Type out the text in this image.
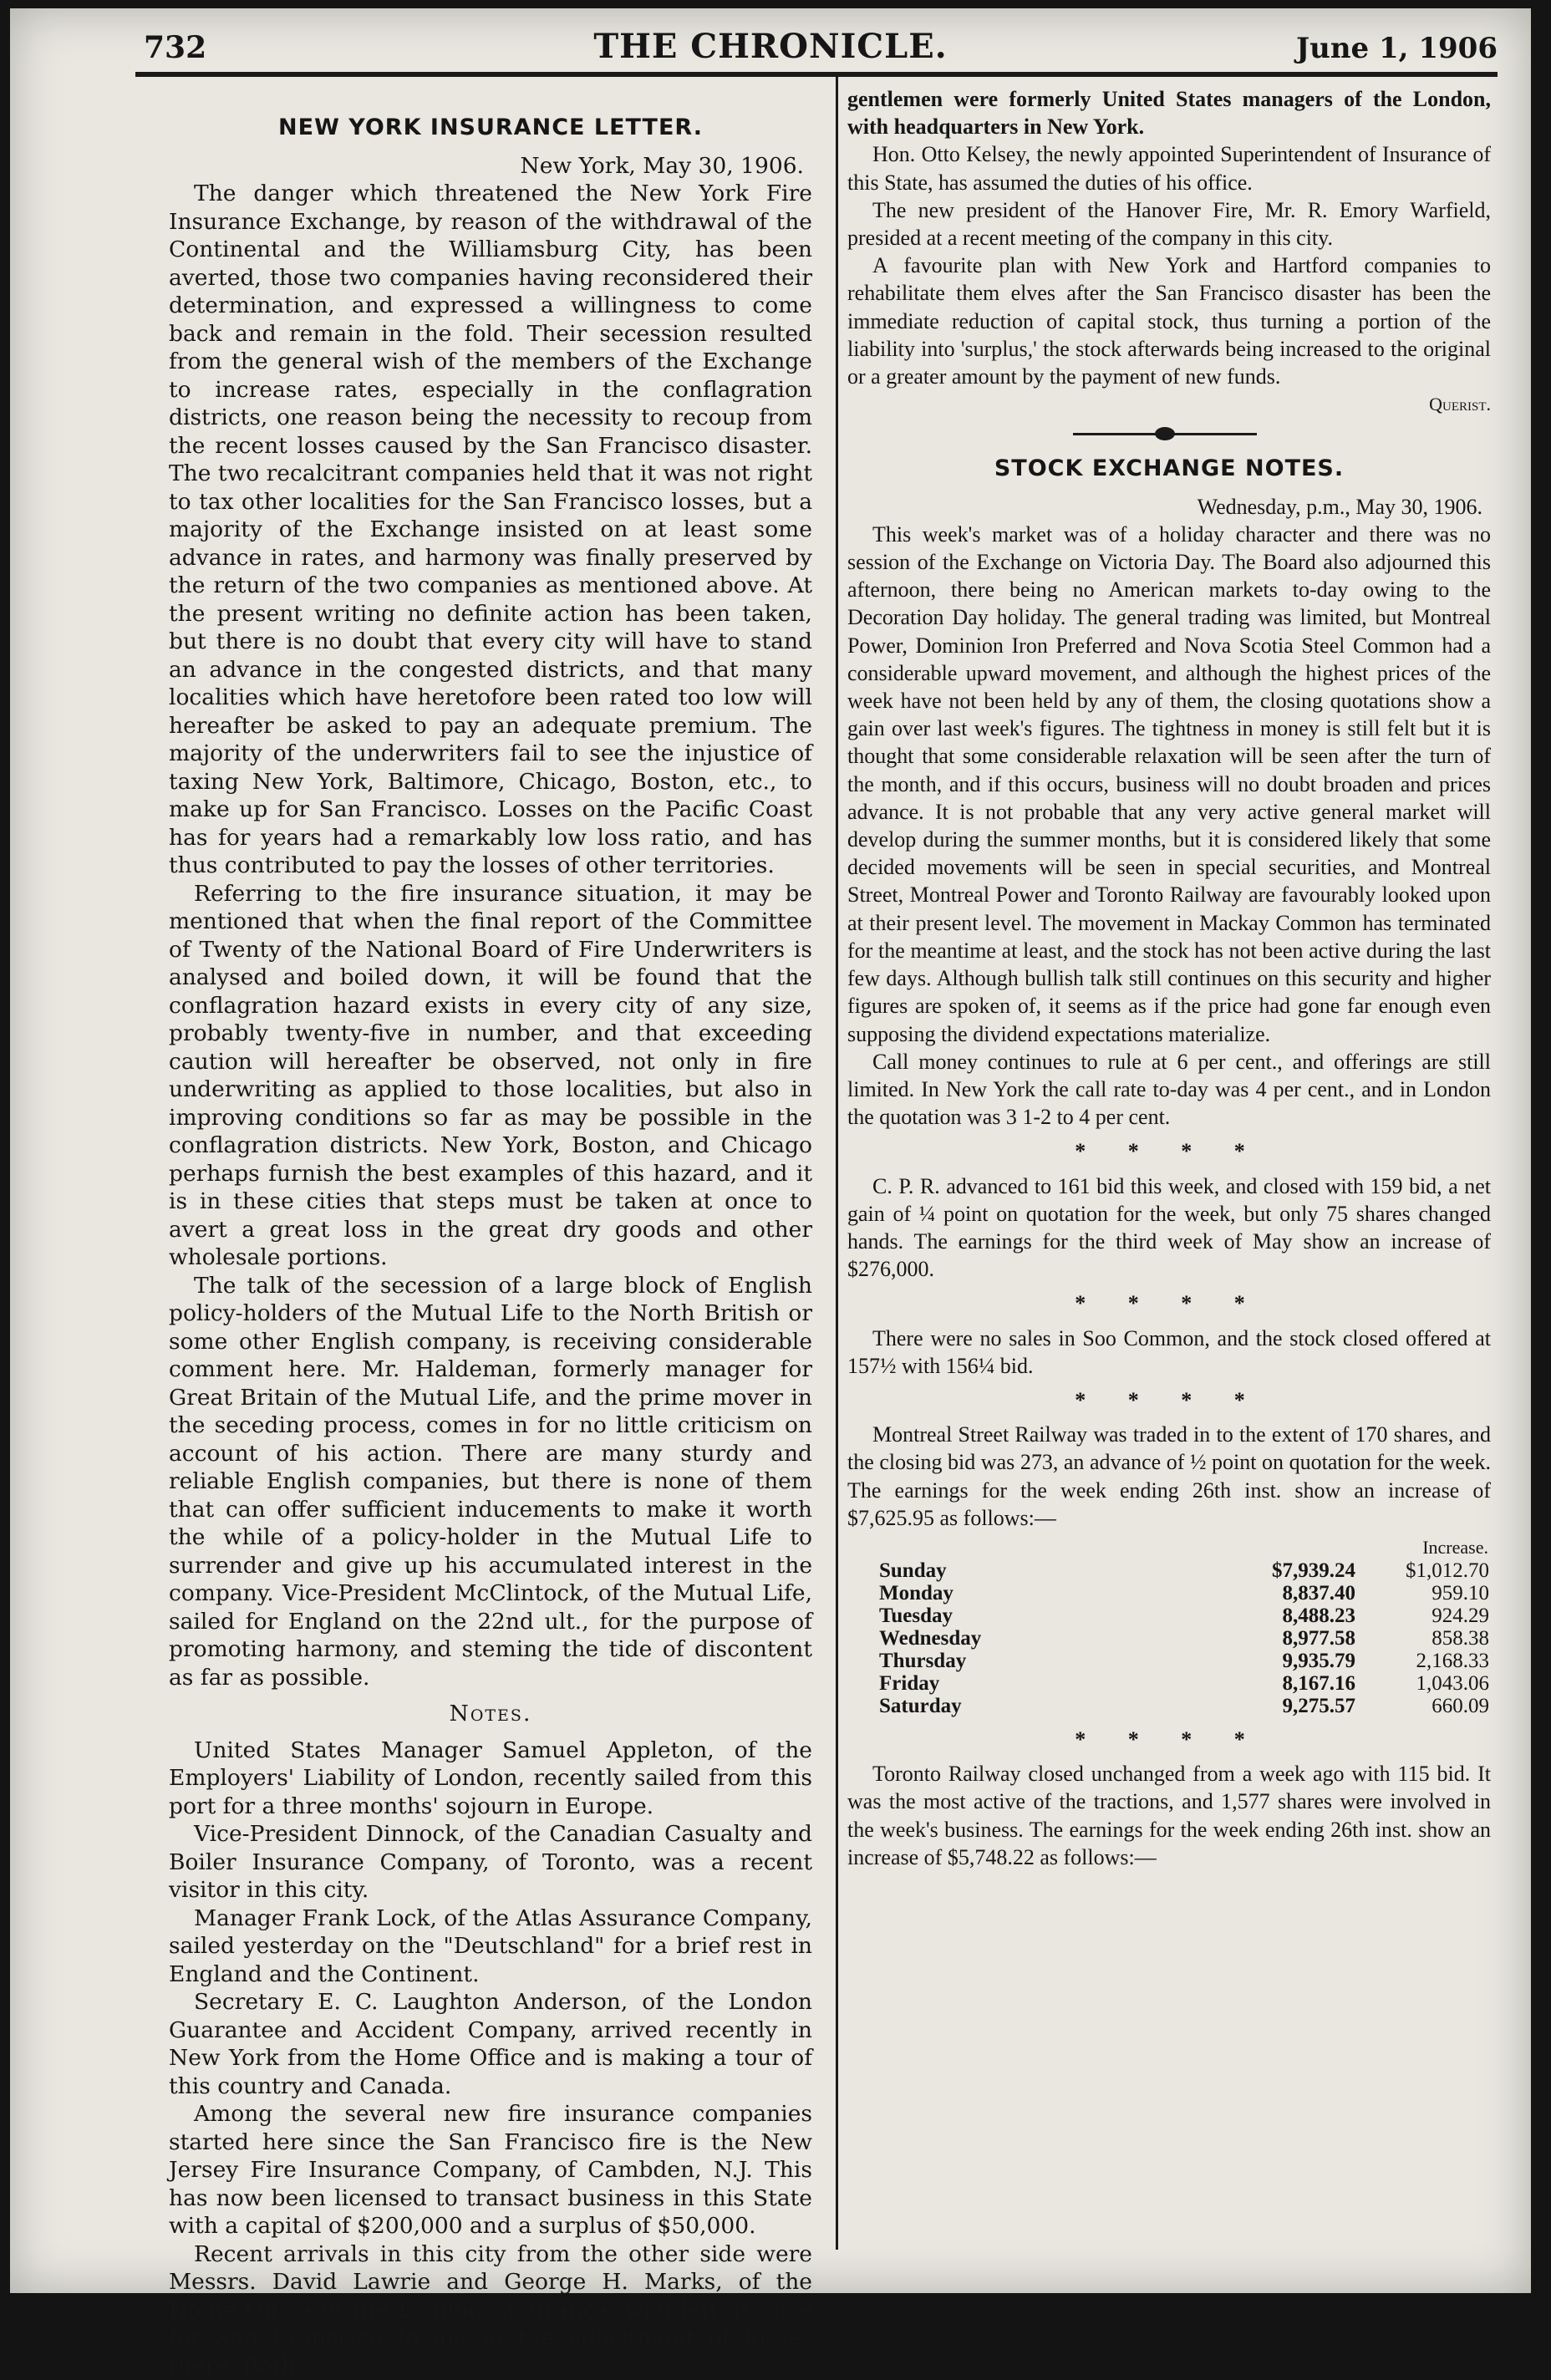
732	THE CHRONICLE.	June 1, 1906
NEW YORK INSURANCE LETTER.
New York, May 30, 1906.

The danger which threatened the New York Fire Insurance Exchange, by reason of the withdrawal of the Continental and the Williamsburg City, has been averted, those two companies having reconsidered their determination, and expressed a willingness to come back and remain in the fold. Their secession resulted from the general wish of the members of the Exchange to increase rates, especially in the conflagration districts, one reason being the necessity to recoup from the recent losses caused by the San Francisco disaster. The two recalcitrant companies held that it was not right to tax other localities for the San Francisco losses, but a majority of the Exchange insisted on at least some advance in rates, and harmony was finally preserved by the return of the two companies as mentioned above. At the present writing no definite action has been taken, but there is no doubt that every city will have to stand an advance in the congested districts, and that many localities which have heretofore been rated too low will hereafter be asked to pay an adequate premium. The majority of the underwriters fail to see the injustice of taxing New York, Baltimore, Chicago, Boston, etc., to make up for San Francisco. Losses on the Pacific Coast has for years had a remarkably low loss ratio, and has thus contributed to pay the losses of other territories.

Referring to the fire insurance situation, it may be mentioned that when the final report of the Committee of Twenty of the National Board of Fire Underwriters is analysed and boiled down, it will be found that the conflagration hazard exists in every city of any size, probably twenty-five in number, and that exceeding caution will hereafter be observed, not only in fire underwriting as applied to those localities, but also in improving conditions so far as may be possible in the conflagration districts. New York, Boston, and Chicago perhaps furnish the best examples of this hazard, and it is in these cities that steps must be taken at once to avert a great loss in the great dry goods and other wholesale portions.

The talk of the secession of a large block of English policy-holders of the Mutual Life to the North British or some other English company, is receiving considerable comment here. Mr. Haldeman, formerly manager for Great Britain of the Mutual Life, and the prime mover in the seceding process, comes in for no little criticism on account of his action. There are many sturdy and reliable English companies, but there is none of them that can offer sufficient inducements to make it worth the while of a policy-holder in the Mutual Life to surrender and give up his accumulated interest in the company. Vice-President McClintock, of the Mutual Life, sailed for England on the 22nd ult., for the purpose of promoting harmony, and steming the tide of discontent as far as possible.

Notes.

United States Manager Samuel Appleton, of the Employers' Liability of London, recently sailed from this port for a three months' sojourn in Europe.

Vice-President Dinnock, of the Canadian Casualty and Boiler Insurance Company, of Toronto, was a recent visitor in this city.

Manager Frank Lock, of the Atlas Assurance Company, sailed yesterday on the "Deutschland" for a brief rest in England and the Continent.

Secretary E. C. Laughton Anderson, of the London Guarantee and Accident Company, arrived recently in New York from the Home Office and is making a tour of this country and Canada.

Among the several new fire insurance companies started here since the San Francisco fire is the New Jersey Fire Insurance Company, of Cambden, N.J. This has now been licensed to transact business in this State with a capital of $200,000 and a surplus of $50,000.

Recent arrivals in this city from the other side were Messrs. David Lawrie and George H. Marks, of the Home Office of the London Assurance, who left at once for San Francisco to aid in the adjustment of losses there. Both

gentlemen were formerly United States managers of the London, with headquarters in New York.

Hon. Otto Kelsey, the newly appointed Superintendent of Insurance of this State, has assumed the duties of his office.

The new president of the Hanover Fire, Mr. R. Emory Warfield, presided at a recent meeting of the company in this city.

A favourite plan with New York and Hartford companies to rehabilitate them elves after the San Francisco disaster has been the immediate reduction of capital stock, thus turning a portion of the liability into 'surplus,' the stock afterwards being increased to the original or a greater amount by the payment of new funds.

Querist.
STOCK EXCHANGE NOTES.
Wednesday, p.m., May 30, 1906.

This week's market was of a holiday character and there was no session of the Exchange on Victoria Day. The Board also adjourned this afternoon, there being no American markets to-day owing to the Decoration Day holiday. The general trading was limited, but Montreal Power, Dominion Iron Preferred and Nova Scotia Steel Common had a considerable upward movement, and although the highest prices of the week have not been held by any of them, the closing quotations show a gain over last week's figures. The tightness in money is still felt but it is thought that some considerable relaxation will be seen after the turn of the month, and if this occurs, business will no doubt broaden and prices advance. It is not probable that any very active general market will develop during the summer months, but it is considered likely that some decided movements will be seen in special securities, and Montreal Street, Montreal Power and Toronto Railway are favourably looked upon at their present level. The movement in Mackay Common has terminated for the meantime at least, and the stock has not been active during the last few days. Although bullish talk still continues on this security and higher figures are spoken of, it seems as if the price had gone far enough even supposing the dividend expectations materialize.

Call money continues to rule at 6 per cent., and offerings are still limited. In New York the call rate to-day was 4 per cent., and in London the quotation was 3 1-2 to 4 per cent.

* * * *

C. P. R. advanced to 161 bid this week, and closed with 159 bid, a net gain of ¼ point on quotation for the week, but only 75 shares changed hands. The earnings for the third week of May show an increase of $276,000.

* * * *

There were no sales in Soo Common, and the stock closed offered at 157½ with 156¼ bid.

* * * *

Montreal Street Railway was traded in to the extent of 170 shares, and the closing bid was 273, an advance of ½ point on quotation for the week. The earnings for the week ending 26th inst. show an increase of $7,625.95 as follows:—

		Increase.
Sunday	$7,939.24	$1,012.70
Monday	8,837.40	959.10
Tuesday	8,488.23	924.29
Wednesday	8,977.58	858.38
Thursday	9,935.79	2,168.33
Friday	8,167.16	1,043.06
Saturday	9,275.57	660.09
* * * *

Toronto Railway closed unchanged from a week ago with 115 bid. It was the most active of the tractions, and 1,577 shares were involved in the week's business. The earnings for the week ending 26th inst. show an increase of $5,748.22 as follows:—
